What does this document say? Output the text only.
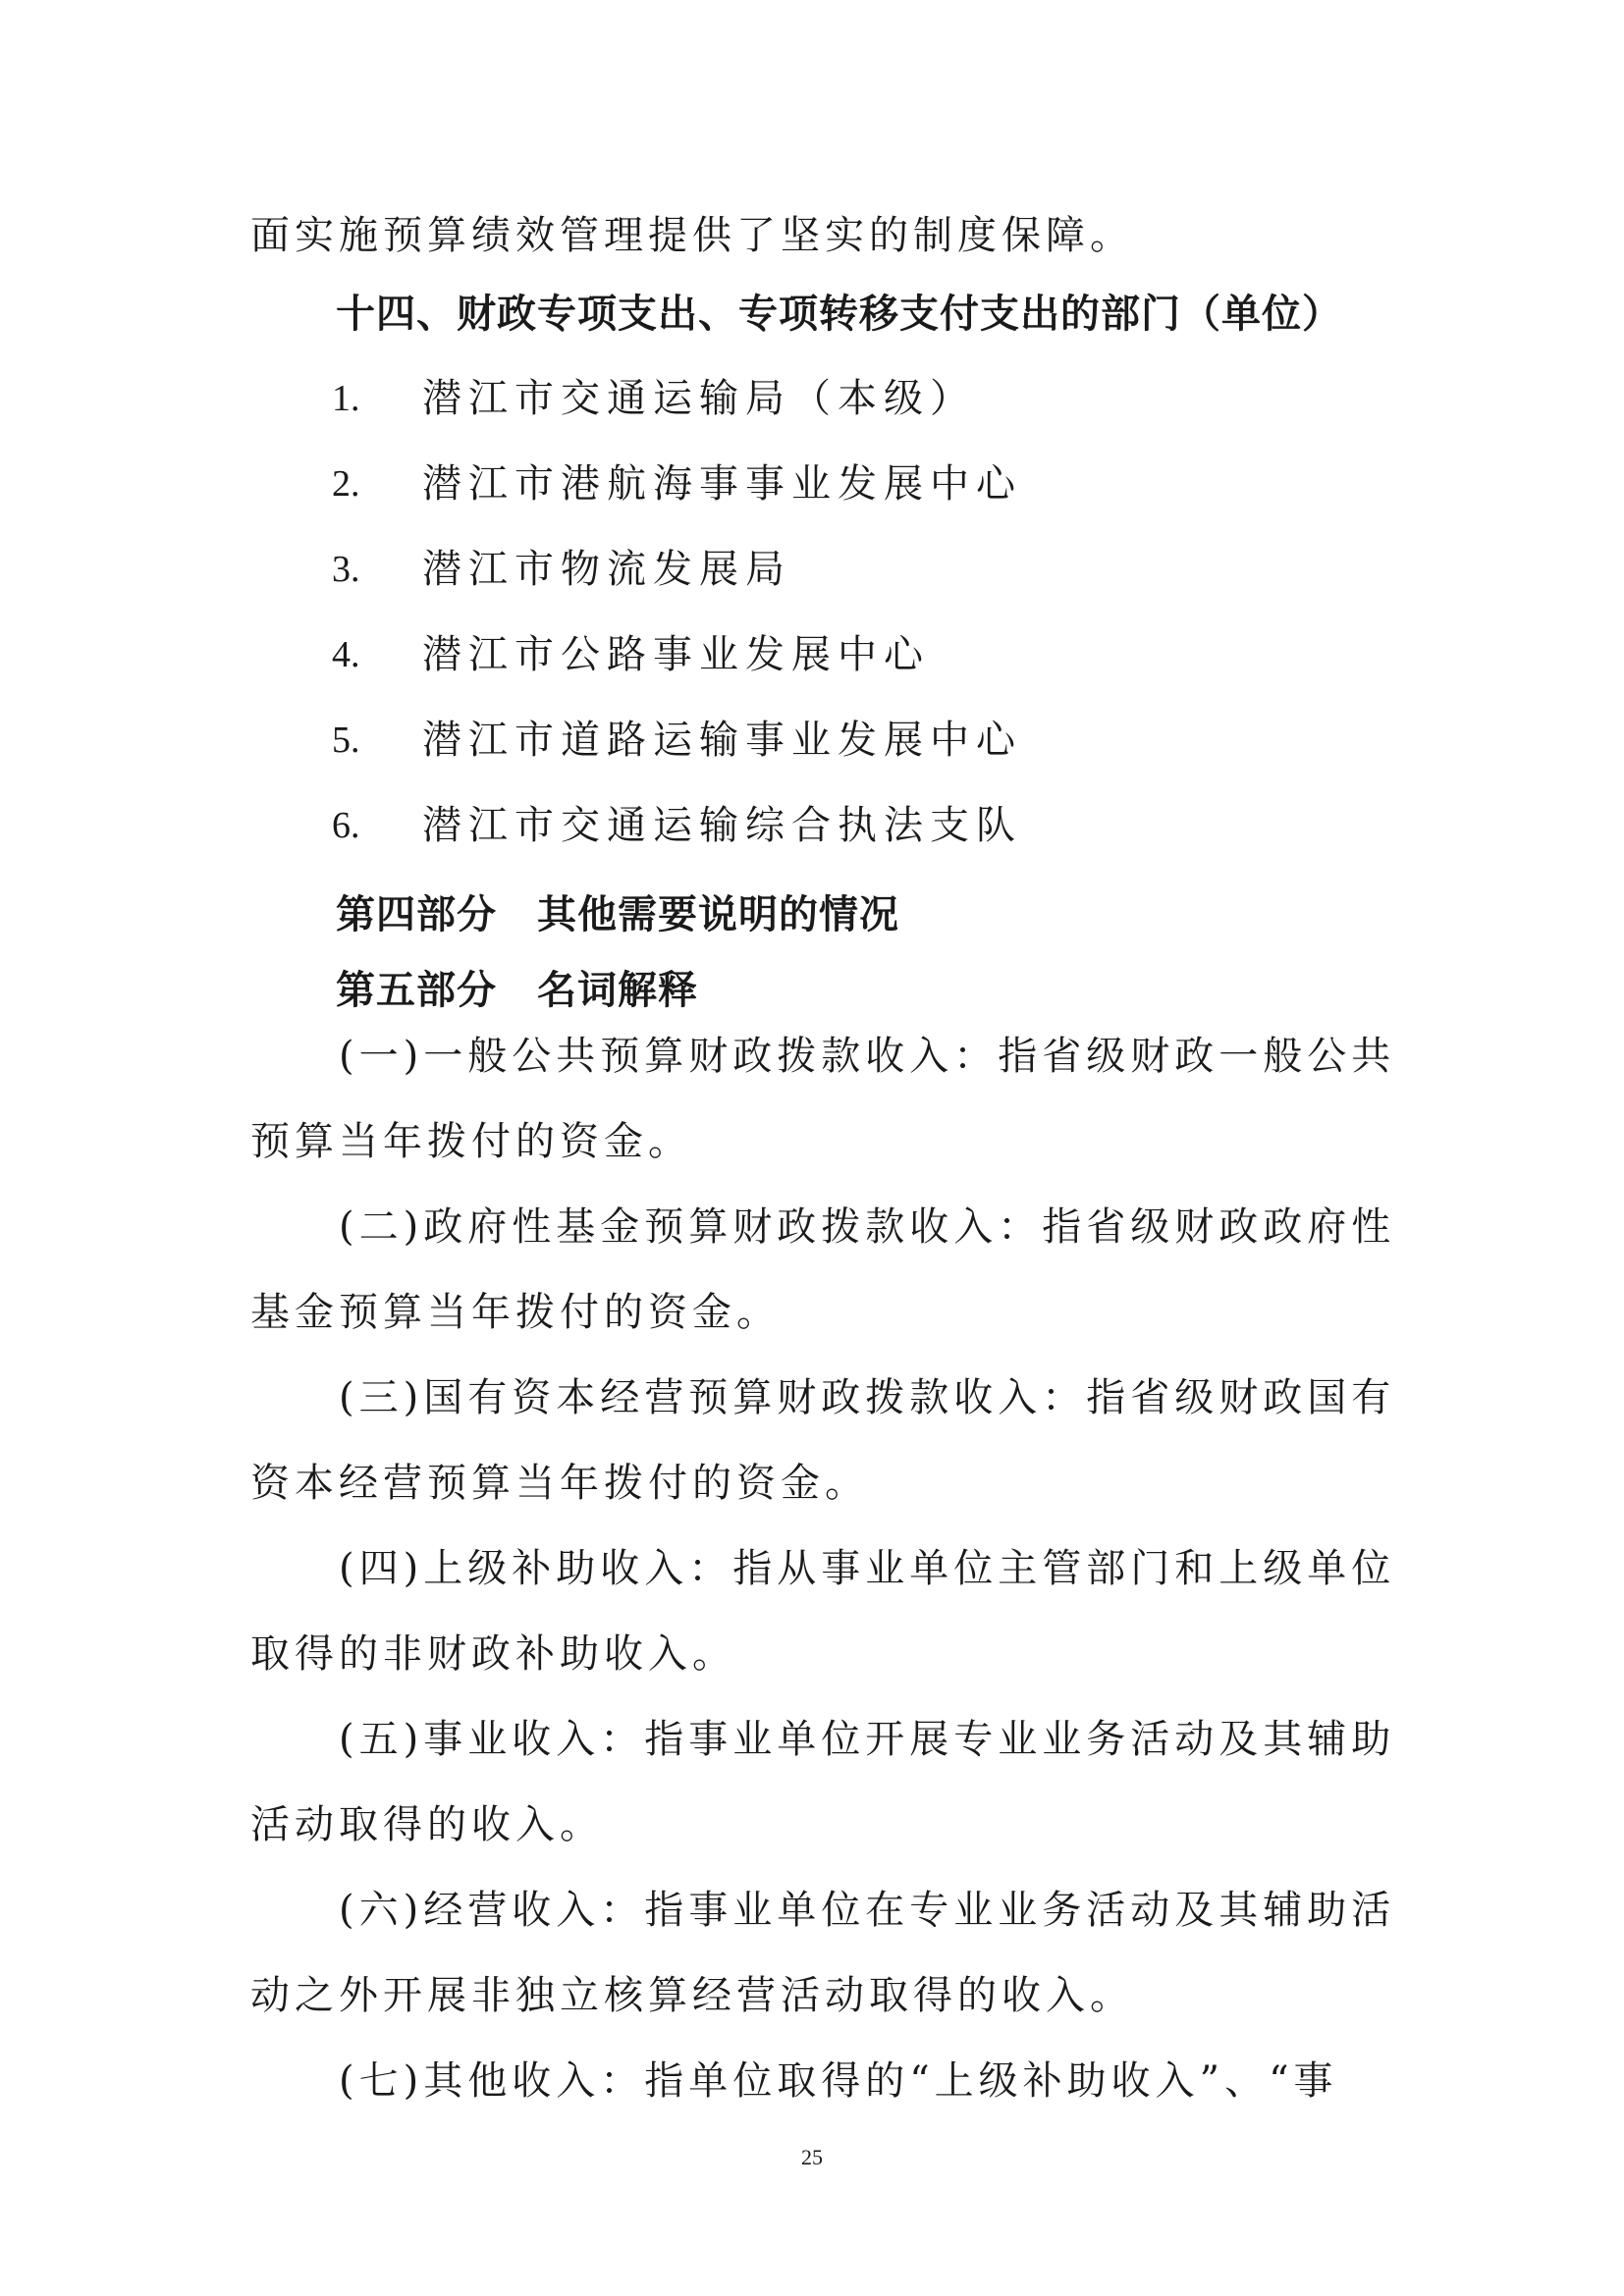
面实施预算绩效管理提供了坚实的制度保障。
十四、财政专项支出、专项转移支付支出的部门（单位）
1. 潜江市交通运输局（本级）
2. 潜江市港航海事事业发展中心
3. 潜江市物流发展局
4. 潜江市公路事业发展中心
5. 潜江市道路运输事业发展中心
6. 潜江市交通运输综合执法支队
第四部分　其他需要说明的情况
第五部分　名词解释
(一)一般公共预算财政拨款收入：指省级财政一般公共
预算当年拨付的资金。
(二)政府性基金预算财政拨款收入：指省级财政政府性
基金预算当年拨付的资金。
(三)国有资本经营预算财政拨款收入：指省级财政国有
资本经营预算当年拨付的资金。
(四)上级补助收入：指从事业单位主管部门和上级单位
取得的非财政补助收入。
(五)事业收入：指事业单位开展专业业务活动及其辅助
活动取得的收入。
(六)经营收入：指事业单位在专业业务活动及其辅助活
动之外开展非独立核算经营活动取得的收入。
(七)其他收入：指单位取得的“上级补助收入”、“事
25
